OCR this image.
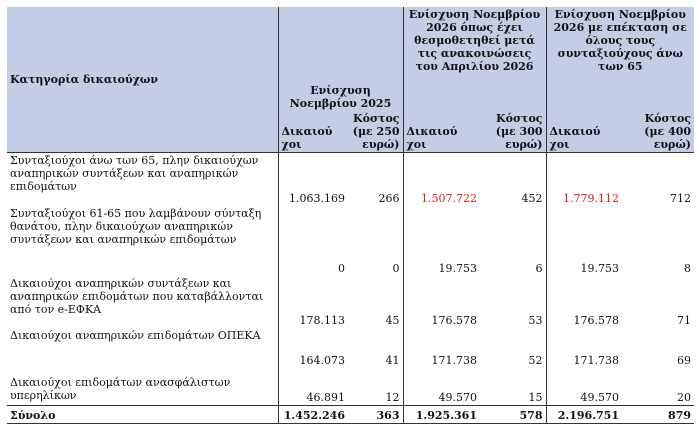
Κατηγορία δικαιούχων	Ενίσχυση Νοεμβρίου 2025		Ενίσχυση Νοεμβρίου 2026 όπως έχει θεσμοθετηθεί μετά τις ανακοινώσεις του Απριλίου 2026		Ενίσχυση Νοεμβρίου 2026 με επέκταση σε όλους τους συνταξιούχους άνω των 65	
	Δικαιού χοι	Κόστος (με 250 ευρώ)	Δικαιού χοι	Κόστος (με 300 ευρώ)	Δικαιού χοι	Κόστος (με 400 ευρώ)
Συνταξιούχοι άνω των 65, πλην δικαιούχων αναπηρικών συντάξεων και αναπηρικών επιδομάτων	1.063.169	266	1.507.722	452	1.779.112	712
Συνταξιούχοι 61-65 που λαμβάνουν σύνταξη θανάτου, πλην δικαιούχων αναπηρικών συντάξεων και αναπηρικών επιδομάτων	0	0	19.753	6	19.753	8
Δικαιούχοι αναπηρικών συντάξεων και αναπηρικών επιδομάτων που καταβάλλονται από τον e-ΕΦΚΑ	178.113	45	176.578	53	176.578	71
Δικαιούχοι αναπηρικών επιδομάτων ΟΠΕΚΑ	164.073	41	171.738	52	171.738	69
Δικαιούχοι επιδομάτων ανασφάλιστων υπερηλίκων	46.891	12	49.570	15	49.570	20
Σύνολο	1.452.246	363	1.925.361	578	2.196.751	879
